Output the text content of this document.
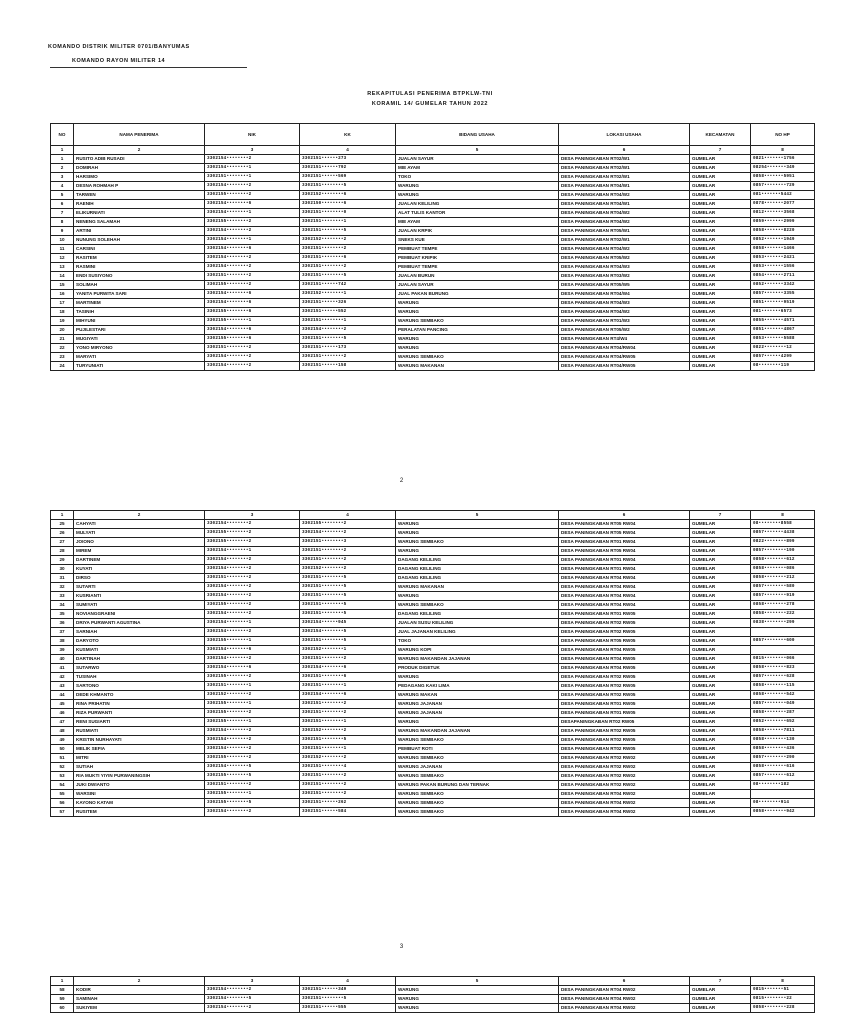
KOMANDO DISTRIK MILITER 0701/BANYUMAS
KOMANDO RAYON MILITER 14
REKAPITULASI PENERIMA BTPKLW-TNI
KORAMIL 14/ GUMELAR TAHUN 2022
NO	NAMA PENERIMA	NIK	KK	BIDANG USAHA	LOKASI USAHA	KECAMATAN	NO HP
1	2	3	4	5	6	7	8
1	RUSITO ADIB RUSADI	3302154••••••••2	3302151••••••273	JUALAN SAYUR	DESA PANINGKABAN RT02/W1	GUMELAR	0821•••••••1756
2	DOMIRAH	3302154••••••••1	3302151••••••792	MIE AYAM	DESA PANINGKABAN RT02/W1	GUMELAR	08254•••••••349
3	HARSIMO	3302151••••••••1	3302151••••••569	TOKO	DESA PANINGKABAN RT02/W1	GUMELAR	0858•••••••5951
4	DESNA ROHMAH P	3302154••••••••2	3302151••••••••5	WARUNG	DESA PANINGKABAN RT04/W1	GUMELAR	0857••••••••729
5	TARWEN	3302155••••••••2	3302152••••••••6	WARUNG	DESA PANINGKABAN RT04/W2	GUMELAR	081•••••••5442
6	RAENIH	3302154••••••••6	3302150••••••••6	JUALAN KELILING	DESA PANINGKABAN RT04/W1	GUMELAR	0878•••••••2077
7	ELIKURNIATI	3302154••••••••1	3302151••••••••0	ALAT TULIS KANTOR	DESA PANINGKABAN RT04/W2	GUMELAR	0812•••••••3568
8	NENENG SALAMAH	3302155••••••••2	3302151••••••••1	MIE AYAM	DESA PANINGKABAN RT04/W2	GUMELAR	0859•••••••2999
9	ARTINI	3302154••••••••2	3302151••••••••5	JUALAN KRPIK	DESA PANINGKABAN RT05/W1	GUMELAR	0858•••••••8220
10	NUNUNG SOLEHAH	3302154••••••••1	3302152••••••••2	SNEKS KUE	DESA PANINGKABAN RT02/W1	GUMELAR	0852•••••••1949
11	CARSINI	3302154••••••••6	3302151••••••••2	PEMBUAT TEMPE	DESA PANINGKABAN RT04/W2	GUMELAR	0858•••••••1466
12	RASITEM	3302154••••••••2	3302151••••••••6	PEMBUAT KRIPIK	DESA PANINGKABAN RT05/W2	GUMELAR	0853•••••••2421
13	RASMINI	3302154••••••••2	3302151••••••••2	PEMBUAT TEMPE	DESA PANINGKABAN RT04/W3	GUMELAR	0853•••••••1556
14	ENDI SUSIYONO	3302151••••••••2	3302151••••••••5	JUALAN BURUN	DESA PANINGKABAN RT03/W2	GUMELAR	0854•••••••2711
15	SOLIMAH	3302155••••••••2	3302151••••••742	JUALAN SAYUR	DESA PANINGKABAN RT05/W5	GUMELAR	0852•••••••3342
16	YANITA PURWITA SARI	3302154••••••••6	3302152••••••••1	JUAL PAKAN BURUNG	DESA PANINGKABAN RT04/W4	GUMELAR	0857•••••••3355
17	MARTINEM	3302154••••••••6	3302151••••••326	WARUNG	DESA PANINGKABAN RT04/W3	GUMELAR	0851•••••••9519
18	TASINIH	3302155••••••••6	3302151••••••552	WARUNG	DESA PANINGKABAN RT04/W2	GUMELAR	081•••••••6573
19	MIHYUNI	3302155••••••••1	3302151••••••••1	WARUNG SEMBAKO	DESA PANINGKABAN RT01/W3	GUMELAR	0855•••••••4571
20	PUJILESTARI	3302154••••••••6	3302154••••••••2	PERALATAN PANCING	DESA PANINGKABAN RT05/W2	GUMELAR	0851•••••••4867
21	MUGIYATI	3302155••••••••6	3302151••••••••5	WARUNG	DESA PANINGKABAN RT4/W4	GUMELAR	0853•••••••5588
22	YONO MIRYONO	3302151••••••••2	3302151••••••173	WARUNG	DESA PANINGKABAN RT04/RW04	GUMELAR	0822••••••••12
23	MARYATI	3302154••••••••2	3302151••••••••2	WARUNG SEMBAKO	DESA PANINGKABAN RT04/RW05	GUMELAR	0857••••••4299
24	TURYUNIATI	3302154••••••••2	3302151••••••158	WARUNG MAKANAN	DESA PANINGKABAN RT04/RW05	GUMELAR	08••••••••119
2
1	2	3	4	5	6	7	8
25	CAHYATI	3302154••••••••2	3302155••••••••2	WARUNG	DESA PANINGKABAN RT05 RW04	GUMELAR	08••••••••8558
26	MULYATI	3302155••••••••2	3302154••••••••2	WARUNG	DESA PANINGKABAN RT05 RW04	GUMELAR	0857•••••••4438
27	JOIONO	3302155••••••••2	3302151••••••••3	WARUNG SEMBAKO	DESA PANINGKABAN RT01 RW04	GUMELAR	0822••••••••899
28	MIREM	3302154••••••••1	3302151••••••••2	WARUNG	DESA PANINGKABAN RT05 RW04	GUMELAR	0857••••••••190
29	DARTINEM	3302154••••••••2	3302151••••••••2	DAGANG KELILING	DESA PANINGKABAN RT01 RW04	GUMELAR	0858••••••••612
30	KUYATI	3302154••••••••2	3302152••••••••2	DAGANG KELILING	DESA PANINGKABAN RT01 RW04	GUMELAR	0858••••••••086
31	DIRSO	3302151••••••••2	3302151••••••••5	DAGANG KELILING	DESA PANINGKABAN RT04 RW04	GUMELAR	0858••••••••212
32	SUTARTI	3302154••••••••2	3302151••••••••5	WARUNG MAKANAN	DESA PANINGKABAN RT04 RW04	GUMELAR	0857••••••••580
33	KUSRIANTI	3302154••••••••2	3302151••••••••5	WARUNG	DESA PANINGKABAN RT04 RW04	GUMELAR	0857••••••••919
34	SUMIYATI	3302155••••••••2	3302151••••••••5	WARUNG SEMBAKO	DESA PANINGKABAN RT04 RW04	GUMELAR	0858••••••••278
35	NOVIANGGRAENI	3302154••••••••2	3302151••••••••5	DAGANG KELILING	DESA PANINGKABAN RT01 RW05	GUMELAR	0858••••••••222
36	DRIYA PURWANTI AGUSTINA	3302154••••••••1	3302154••••••945	JUALAN SUSU KELILING	DESA PANINGKABAN RT02 RW05	GUMELAR	0838••••••••299
37	SARNIAH	3302154••••••••2	3302154••••••••5	JUAL JAJANAN KELILING	DESA PANINGKABAN RT02 RW05	GUMELAR	
38	DARYOTO	3302155••••••••1	3302151••••••••5	TOKO	DESA PANINGKABAN RT05 RW05	GUMELAR	0857••••••••600
39	KUSMIATI	3302154••••••••6	3302152••••••••1	WARUNG KOPI	DESA PANINGKABAN RT04 RW05	GUMELAR	
40	DARTINAH	3302154••••••••2	3302151••••••••2	WARUNG MAKANDAN JAJANAN	DESA PANINGKABAN RT04 RW05	GUMELAR	0815••••••••066
41	SUTARWO	3302154••••••••6	3302154••••••••6	PRODUK DIGETUK	DESA PANINGKABAN RT04 RW05	GUMELAR	0858••••••••823
42	TUSINAH	3302155••••••••2	3302151••••••••6	WARUNG	DESA PANINGKABAN RT02 RW05	GUMELAR	0857••••••••628
43	SARTONO	3302151••••••••1	3302151••••••••1	PEDAGANG KAKI LIMA	DESA PANINGKABAN RT02 RW05	GUMELAR	0858••••••••115
44	DEDE KHMANTO	3302152••••••••2	3302154••••••••6	WARUNG MAKAN	DESA PANINGKABAN RT02 RW05	GUMELAR	0858••••••••542
45	RINA PRIHATIN	3302155••••••••1	3302151••••••••2	WARUNG JAJANAN	DESA PANINGKABAN RT01 RW05	GUMELAR	0857••••••••049
46	RIZA PURWANTI	3302155••••••••2	3302151••••••••2	WARUNG JAJANAN	DESA PANINGKABAN RT01 RW05	GUMELAR	0858••••••••287
47	RENI SUGIARTI	3302155••••••••1	3302151••••••••1	WARUNG	DESAPANINGKABAN RT02 RW05	GUMELAR	0852••••••••652
48	RUSMIATI	3302154••••••••2	3302152••••••••2	WARUNG MAKANDAN JAJANAN	DESA PANINGKABAN RT02 RW05	GUMELAR	0858•••••••7811
49	KRISTIN NURHAYATI	3302154••••••••2	3302151••••••••5	WARUNG SEMBAKO	DESA PANINGKABAN RT02 RW05	GUMELAR	0858••••••••130
50	MELIK SEFIA	3302154••••••••2	3302151••••••••1	PEMBUAT ROTI	DESA PANINGKABAN RT02 RW05	GUMELAR	0858••••••••436
51	MITRI	3302155••••••••2	3302152••••••••2	WARUNG SEMBAKO	DESA PANINGKABAN RT02 RW02	GUMELAR	0857••••••••290
52	SUTIAH	3302154••••••••5	3302151••••••••4	WARUNG JAJANAN	DESA PANINGKABAN RT02 RW02	GUMELAR	0858••••••••616
53	RIA MUKTI YIYIN PURWANINGSIH	3302155••••••••5	3302151••••••••2	WARUNG SEMBAKO	DESA PANINGKABAN RT02 RW02	GUMELAR	0857••••••••612
54	JUKI DWIANTO	3302151••••••••2	3302151••••••••2	WARUNG PAKAN BURUNG DAN TERNAK	DESA PANINGKABAN RT02 RW02	GUMELAR	08••••••••182
55	WARSINI	3302155••••••••1	3302151••••••••2	WARUNG SEMBAKO	DESA PANINGKABAN RT04 RW02	GUMELAR	
56	KAYONO KATAM	3302155••••••••5	3302151••••••262	WARUNG SEMBAKO	DESA PANINGKABAN RT04 RW02	GUMELAR	08••••••••914
57	RUSITEM	3302154••••••••2	3302151••••••584	WARUNG SEMBAKO	DESA PANINGKABAN RT04 RW02	GUMELAR	0858••••••••942
3
1	2	3	4	5	6	7	8
58	KODIR	3302154••••••••2	3302151••••••349	WARUNG	DESA PANINGKABAN RT04 RW02	GUMELAR	0815•••••••51
59	SAMINAH	3302154••••••••5	3302151••••••••5	WARUNG	DESA PANINGKABAN RT04 RW02	GUMELAR	0815••••••••22
60	SUKIYEM	3302154••••••••2	3302151••••••555	WARUNG	DESA PANINGKABAN RT04 RW02	GUMELAR	0858••••••••228
